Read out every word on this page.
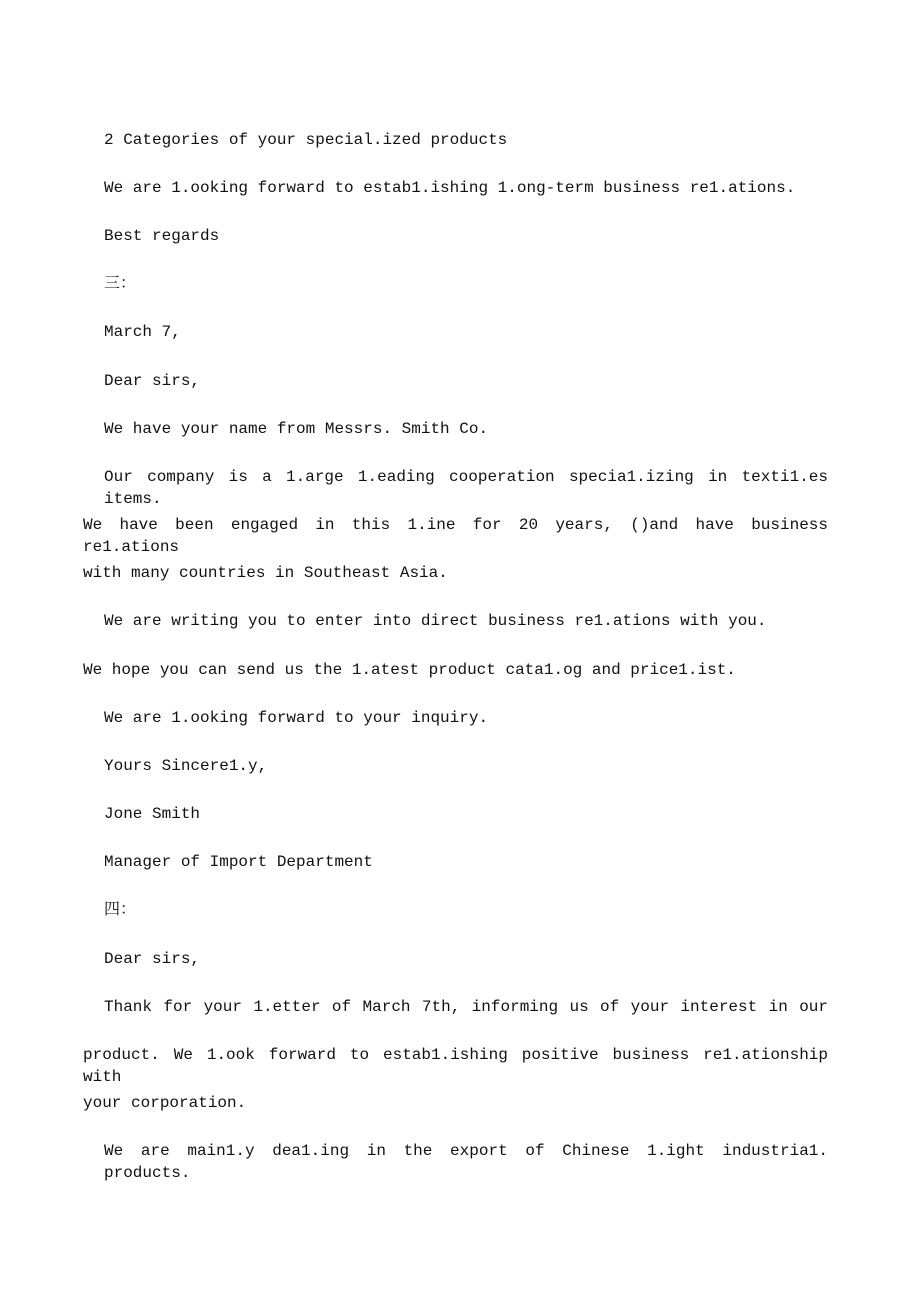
2 Categories of your special.ized products
We are 1.ooking forward to estab1.ishing 1.ong-term business re1.ations.
Best regards
三：
March 7,
Dear sirs,
We have your name from Messrs. Smith Co.
Our company is a 1.arge 1.eading cooperation specia1.izing in texti1.es items.
We have been engaged in this 1.ine for 20 years, ()and have business re1.ations
with many countries in Southeast Asia.
We are writing you to enter into direct business re1.ations with you.
We hope you can send us the 1.atest product cata1.og and price1.ist.
We are 1.ooking forward to your inquiry.
Yours Sincere1.y,
Jone Smith
Manager of Import Department
四：
Dear sirs,
Thank for your 1.etter of March 7th, informing us of your interest in our
product. We 1.ook forward to estab1.ishing positive business re1.ationship with
your corporation.
We are main1.y dea1.ing in the export of Chinese 1.ight industria1. products.
